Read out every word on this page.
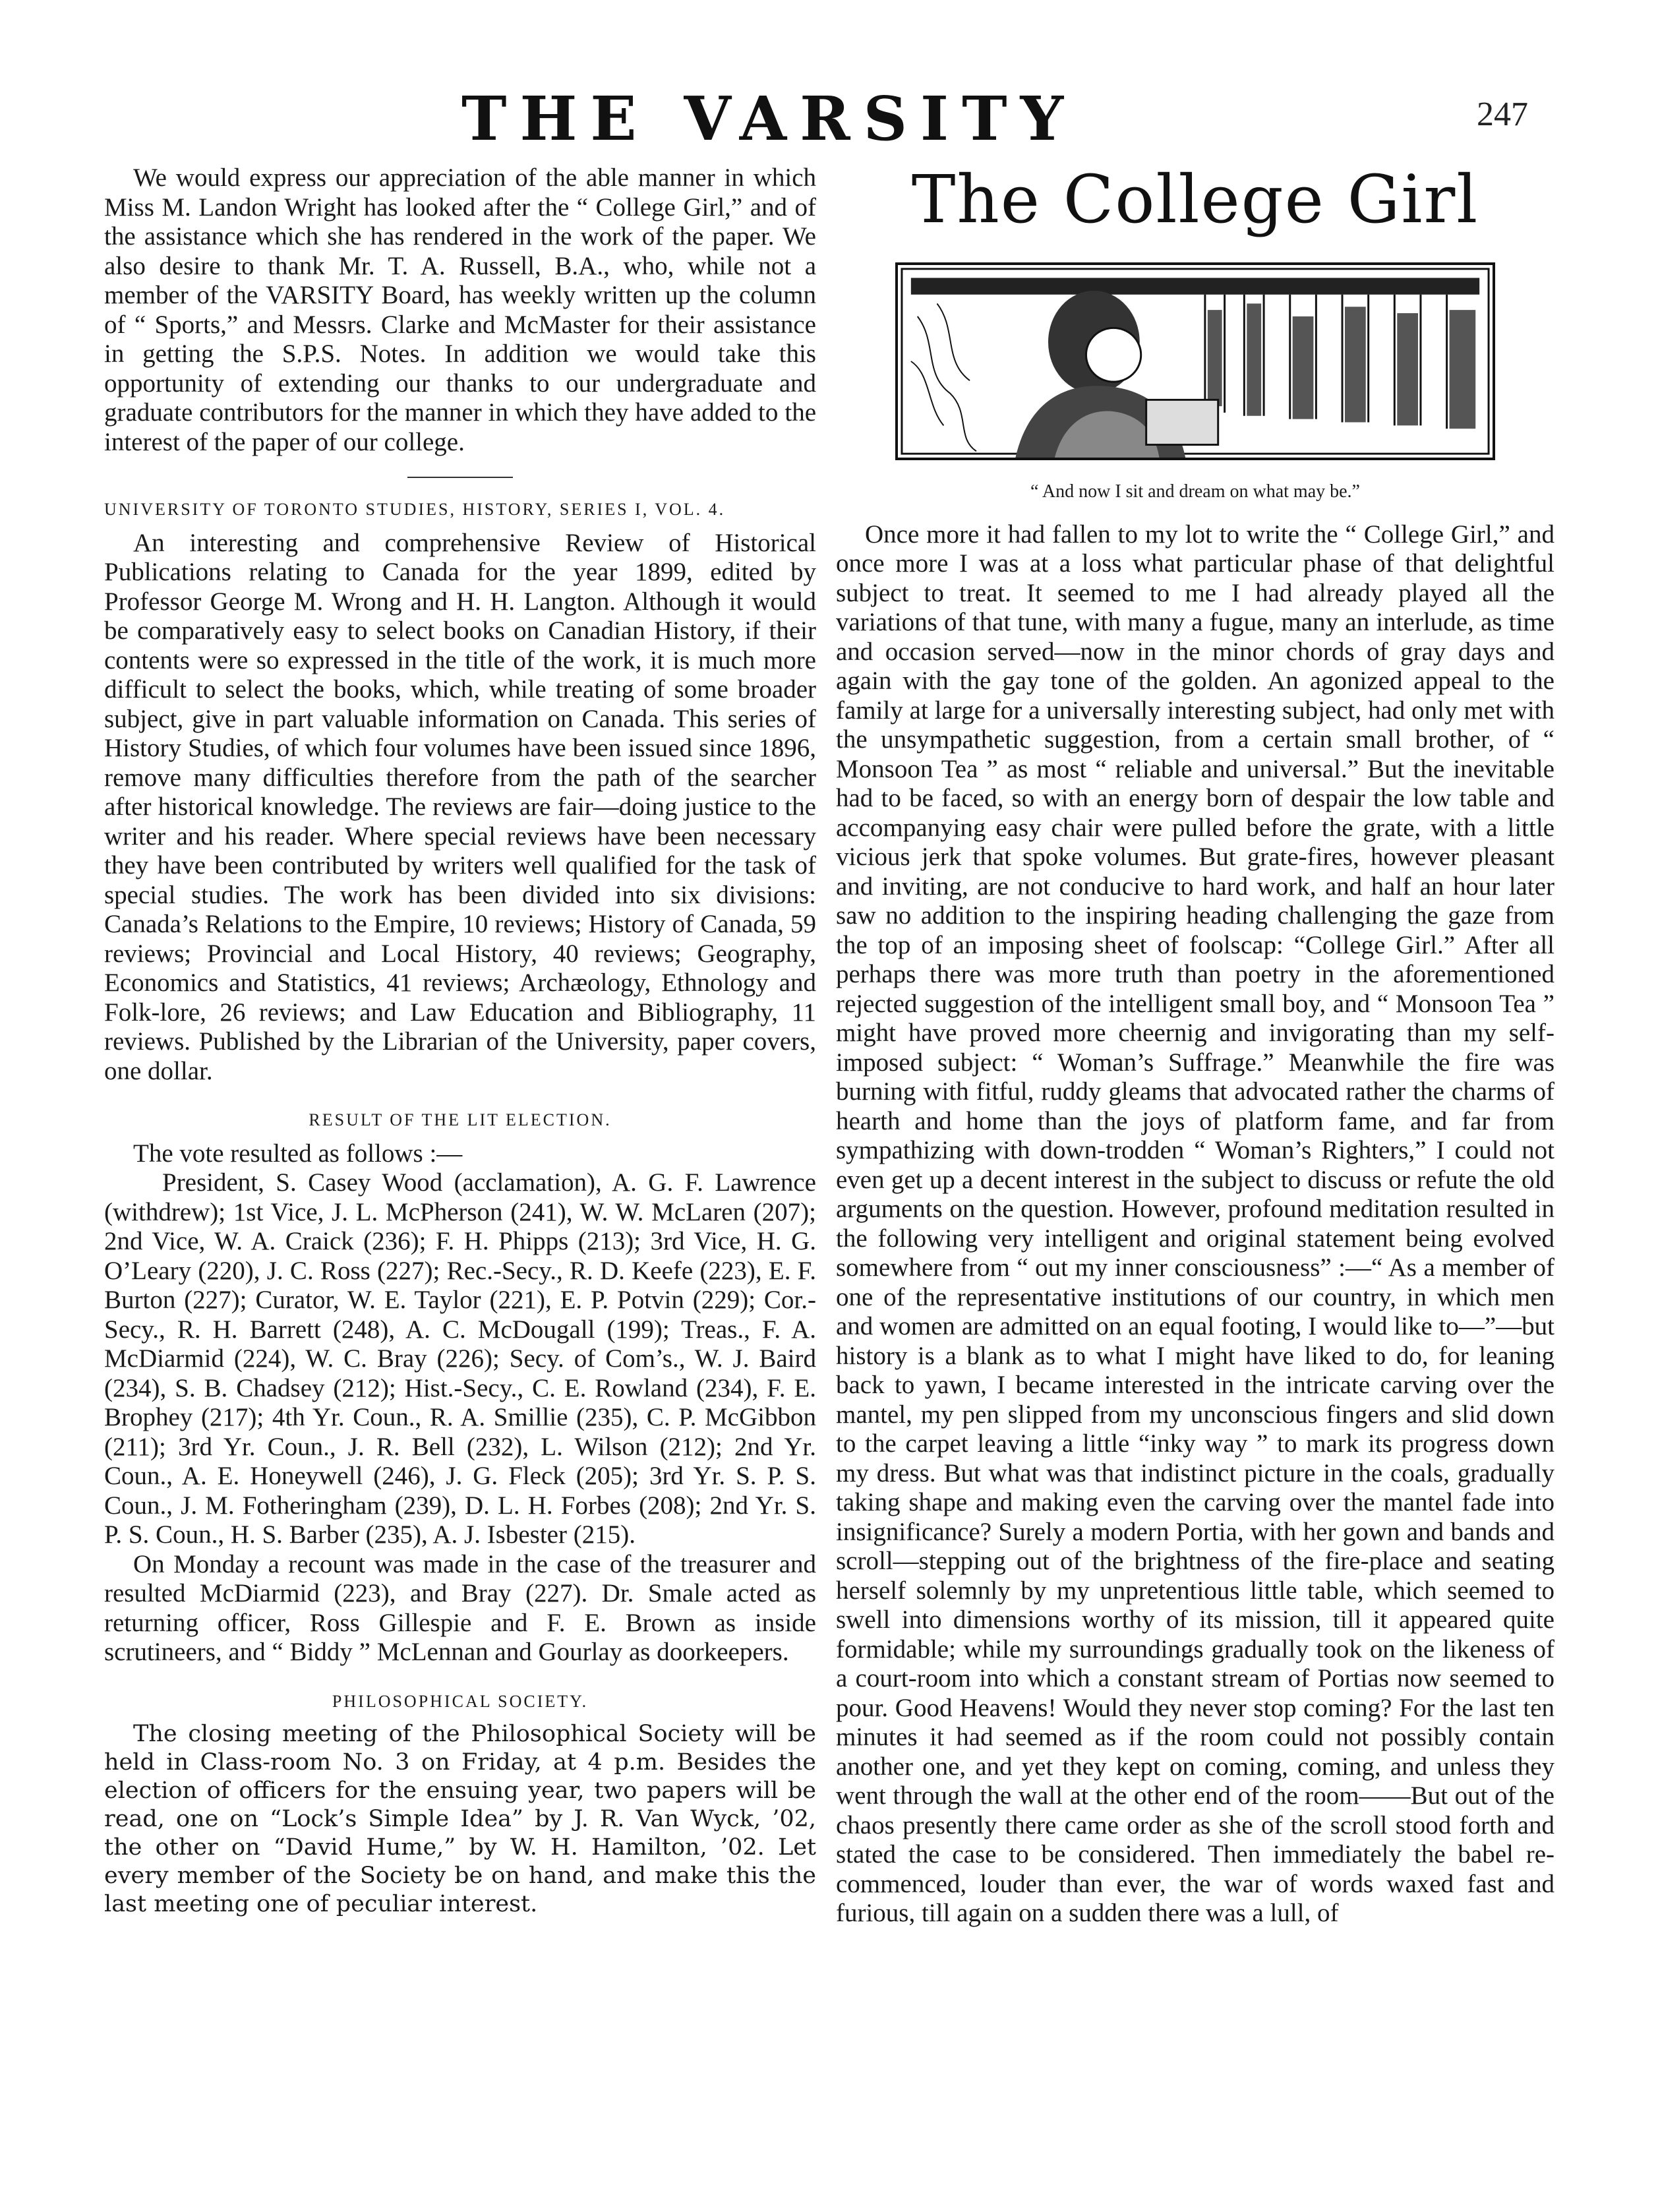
THE VARSITY	247

We would express our appreciation of the able manner in which Miss M. Landon Wright has looked after the “ College Girl,” and of the assistance which she has rendered in the work of the paper. We also desire to thank Mr. T. A. Russell, B.A., who, while not a member of the VARSITY Board, has weekly written up the column of “ Sports,” and Messrs. Clarke and McMaster for their assistance in getting the S.P.S. Notes. In addition we would take this opportunity of extending our thanks to our undergraduate and graduate contributors for the manner in which they have added to the interest of the paper of our college.

UNIVERSITY OF TORONTO STUDIES, HISTORY, SERIES I, VOL. 4.

An interesting and comprehensive Review of Historical Publications relating to Canada for the year 1899, edited by Professor George M. Wrong and H. H. Langton. Although it would be comparatively easy to select books on Canadian History, if their contents were so expressed in the title of the work, it is much more difficult to select the books, which, while treating of some broader subject, give in part valuable information on Canada. This series of History Studies, of which four volumes have been issued since 1896, remove many difficulties therefore from the path of the searcher after historical knowledge. The reviews are fair—doing justice to the writer and his reader. Where special reviews have been necessary they have been contributed by writers well qualified for the task of special studies. The work has been divided into six divisions: Canada’s Relations to the Empire, 10 reviews; History of Canada, 59 reviews; Provincial and Local History, 40 reviews; Geography, Economics and Statistics, 41 reviews; Archæology, Ethnology and Folk-lore, 26 reviews; and Law Education and Bibliography, 11 reviews. Published by the Librarian of the University, paper covers, one dollar.

RESULT OF THE LIT ELECTION.

The vote resulted as follows :—

President, S. Casey Wood (acclamation), A. G. F. Lawrence (withdrew); 1st Vice, J. L. McPherson (241), W. W. McLaren (207); 2nd Vice, W. A. Craick (236); F. H. Phipps (213); 3rd Vice, H. G. O’Leary (220), J. C. Ross (227); Rec.-Secy., R. D. Keefe (223), E. F. Burton (227); Curator, W. E. Taylor (221), E. P. Potvin (229); Cor.-Secy., R. H. Barrett (248), A. C. McDougall (199); Treas., F. A. McDiarmid (224), W. C. Bray (226); Secy. of Com’s., W. J. Baird (234), S. B. Chadsey (212); Hist.-Secy., C. E. Rowland (234), F. E. Brophey (217); 4th Yr. Coun., R. A. Smillie (235), C. P. McGibbon (211); 3rd Yr. Coun., J. R. Bell (232), L. Wilson (212); 2nd Yr. Coun., A. E. Honeywell (246), J. G. Fleck (205); 3rd Yr. S. P. S. Coun., J. M. Fotheringham (239), D. L. H. Forbes (208); 2nd Yr. S. P. S. Coun., H. S. Barber (235), A. J. Isbester (215).

On Monday a recount was made in the case of the treasurer and resulted McDiarmid (223), and Bray (227). Dr. Smale acted as returning officer, Ross Gillespie and F. E. Brown as inside scrutineers, and “ Biddy ” McLennan and Gourlay as doorkeepers.

PHILOSOPHICAL SOCIETY.

The closing meeting of the Philosophical Society will be held in Class-room No. 3 on Friday, at 4 p.m. Besides the election of officers for the ensuing year, two papers will be read, one on “Lock’s Simple Idea” by J. R. Van Wyck, ’02, the other on “David Hume,” by W. H. Hamilton, ’02. Let every member of the Society be on hand, and make this the last meeting one of peculiar interest.

The College Girl
“ And now I sit and dream on what may be.”

Once more it had fallen to my lot to write the “ College Girl,” and once more I was at a loss what particular phase of that delightful subject to treat. It seemed to me I had already played all the variations of that tune, with many a fugue, many an interlude, as time and occasion served—now in the minor chords of gray days and again with the gay tone of the golden. An agonized appeal to the family at large for a universally interesting subject, had only met with the unsympathetic suggestion, from a certain small brother, of “ Monsoon Tea ” as most “ reliable and universal.” But the inevitable had to be faced, so with an energy born of despair the low table and accompanying easy chair were pulled before the grate, with a little vicious jerk that spoke volumes. But grate-fires, however pleasant and inviting, are not conducive to hard work, and half an hour later saw no addition to the inspiring heading challenging the gaze from the top of an imposing sheet of foolscap: “College Girl.” After all perhaps there was more truth than poetry in the aforementioned rejected suggestion of the intelligent small boy, and “ Monsoon Tea ” might have proved more cheernig and invigorating than my self-imposed subject: “ Woman’s Suffrage.” Meanwhile the fire was burning with fitful, ruddy gleams that advocated rather the charms of hearth and home than the joys of platform fame, and far from sympathizing with down-trodden “ Woman’s Righters,” I could not even get up a decent interest in the subject to discuss or refute the old arguments on the question. However, profound meditation resulted in the following very intelligent and original statement being evolved somewhere from “ out my inner consciousness” :—“ As a member of one of the representative institutions of our country, in which men and women are admitted on an equal footing, I would like to—”—but history is a blank as to what I might have liked to do, for leaning back to yawn, I became interested in the intricate carving over the mantel, my pen slipped from my unconscious fingers and slid down to the carpet leaving a little “inky way ” to mark its progress down my dress. But what was that indistinct picture in the coals, gradually taking shape and making even the carving over the mantel fade into insignificance? Surely a modern Portia, with her gown and bands and scroll—stepping out of the brightness of the fire-place and seating herself solemnly by my unpretentious little table, which seemed to swell into dimensions worthy of its mission, till it appeared quite formidable; while my surroundings gradually took on the likeness of a court-room into which a constant stream of Portias now seemed to pour. Good Heavens! Would they never stop coming? For the last ten minutes it had seemed as if the room could not possibly contain another one, and yet they kept on coming, coming, and unless they went through the wall at the other end of the room——But out of the chaos presently there came order as she of the scroll stood forth and stated the case to be considered. Then immediately the babel re-commenced, louder than ever, the war of words waxed fast and furious, till again on a sudden there was a lull, of
